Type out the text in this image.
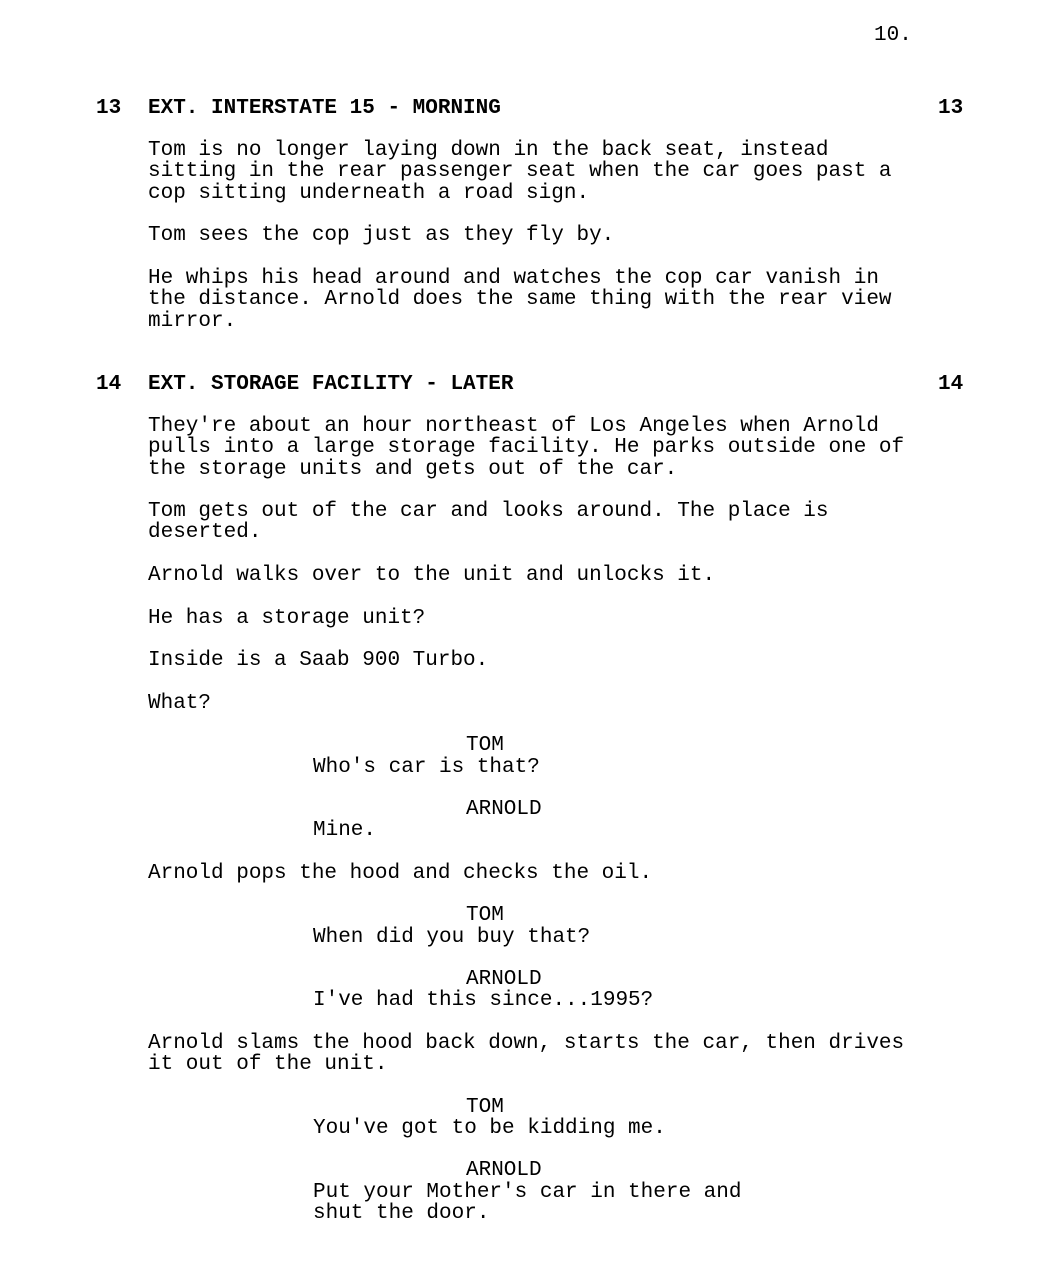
10.
13 EXT. INTERSTATE 15 - MORNING	13
Tom is no longer laying down in the back seat, instead
sitting in the rear passenger seat when the car goes past a
cop sitting underneath a road sign.
Tom sees the cop just as they fly by.
He whips his head around and watches the cop car vanish in
the distance. Arnold does the same thing with the rear view
mirror.
14 EXT. STORAGE FACILITY - LATER	14
They're about an hour northeast of Los Angeles when Arnold
pulls into a large storage facility. He parks outside one of
the storage units and gets out of the car.
Tom gets out of the car and looks around. The place is
deserted.
Arnold walks over to the unit and unlocks it.
He has a storage unit?
Inside is a Saab 900 Turbo.
What?
TOM
Who's car is that?
ARNOLD
Mine.
Arnold pops the hood and checks the oil.
TOM
When did you buy that?
ARNOLD
I've had this since...1995?
Arnold slams the hood back down, starts the car, then drives
it out of the unit.
TOM
You've got to be kidding me.
ARNOLD
Put your Mother's car in there and
shut the door.
